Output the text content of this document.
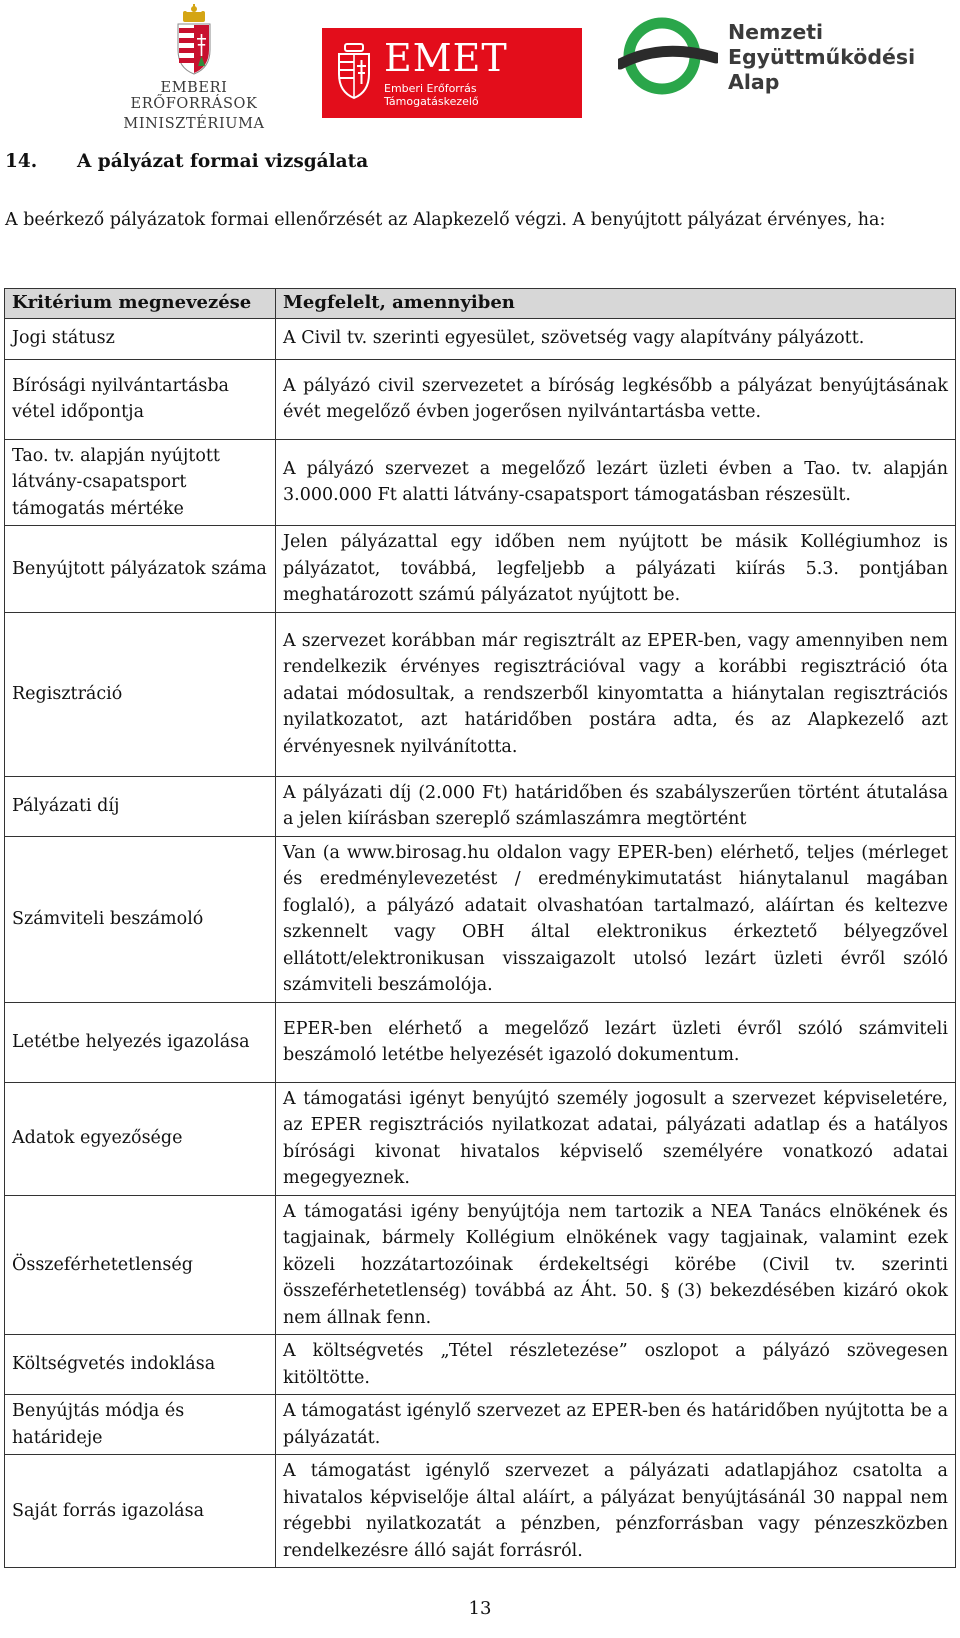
EMBERI ERŐFORRÁSOK
MINISZTÉRIUMA
EMET
Emberi Erőforrás
Támogatáskezelő
Nemzeti
Együttműködési
Alap
14. A pályázat formai vizsgálata

A beérkező pályázatok formai ellenőrzését az Alapkezelő végzi. A benyújtott pályázat érvényes, ha:

Kritérium megnevezése	Megfelelt, amennyiben
Jogi státusz	A Civil tv. szerinti egyesület, szövetség vagy alapítvány pályázott.
Bírósági nyilvántartásba vétel időpontja	A pályázó civil szervezetet a bíróság legkésőbb a pályázat benyújtásának évét megelőző évben jogerősen nyilvántartásba vette.
Tao. tv. alapján nyújtott látvány-csapatsport támogatás mértéke	A pályázó szervezet a megelőző lezárt üzleti évben a Tao. tv. alapján 3.000.000 Ft alatti látvány-csapatsport támogatásban részesült.
Benyújtott pályázatok száma	Jelen pályázattal egy időben nem nyújtott be másik Kollégiumhoz is pályázatot, továbbá, legfeljebb a pályázati kiírás 5.3. pontjában meghatározott számú pályázatot nyújtott be.
Regisztráció	A szervezet korábban már regisztrált az EPER-ben, vagy amennyiben nem rendelkezik érvényes regisztrációval vagy a korábbi regisztráció óta adatai módosultak, a rendszerből kinyomtatta a hiánytalan regisztrációs nyilatkozatot, azt határidőben postára adta, és az Alapkezelő azt érvényesnek nyilvánította.
Pályázati díj	A pályázati díj (2.000 Ft) határidőben és szabályszerűen történt átutalása a jelen kiírásban szereplő számlaszámra megtörtént
Számviteli beszámoló	Van (a www.birosag.hu oldalon vagy EPER-ben) elérhető, teljes (mérleget és eredménylevezetést / eredménykimutatást hiánytalanul magában foglaló), a pályázó adatait olvashatóan tartalmazó, aláírtan és keltezve szkennelt vagy OBH által elektronikus érkeztető bélyegzővel ellátott/elektronikusan visszaigazolt utolsó lezárt üzleti évről szóló számviteli beszámolója.
Letétbe helyezés igazolása	EPER-ben elérhető a megelőző lezárt üzleti évről szóló számviteli beszámoló letétbe helyezését igazoló dokumentum.
Adatok egyezősége	A támogatási igényt benyújtó személy jogosult a szervezet képviseletére, az EPER regisztrációs nyilatkozat adatai, pályázati adatlap és a hatályos bírósági kivonat hivatalos képviselő személyére vonatkozó adatai megegyeznek.
Összeférhetetlenség	A támogatási igény benyújtója nem tartozik a NEA Tanács elnökének és tagjainak, bármely Kollégium elnökének vagy tagjainak, valamint ezek közeli hozzátartozóinak érdekeltségi körébe (Civil tv. szerinti összeférhetetlenség) továbbá az Áht. 50. § (3) bekezdésében kizáró okok nem állnak fenn.
Költségvetés indoklása	A költségvetés „Tétel részletezése” oszlopot a pályázó szövegesen kitöltötte.
Benyújtás módja és határideje	A támogatást igénylő szervezet az EPER-ben és határidőben nyújtotta be a pályázatát.
Saját forrás igazolása	A támogatást igénylő szervezet a pályázati adatlapjához csatolta a hivatalos képviselője által aláírt, a pályázat benyújtásánál 30 nappal nem régebbi nyilatkozatát a pénzben, pénzforrásban vagy pénzeszközben rendelkezésre álló saját forrásról.
13
